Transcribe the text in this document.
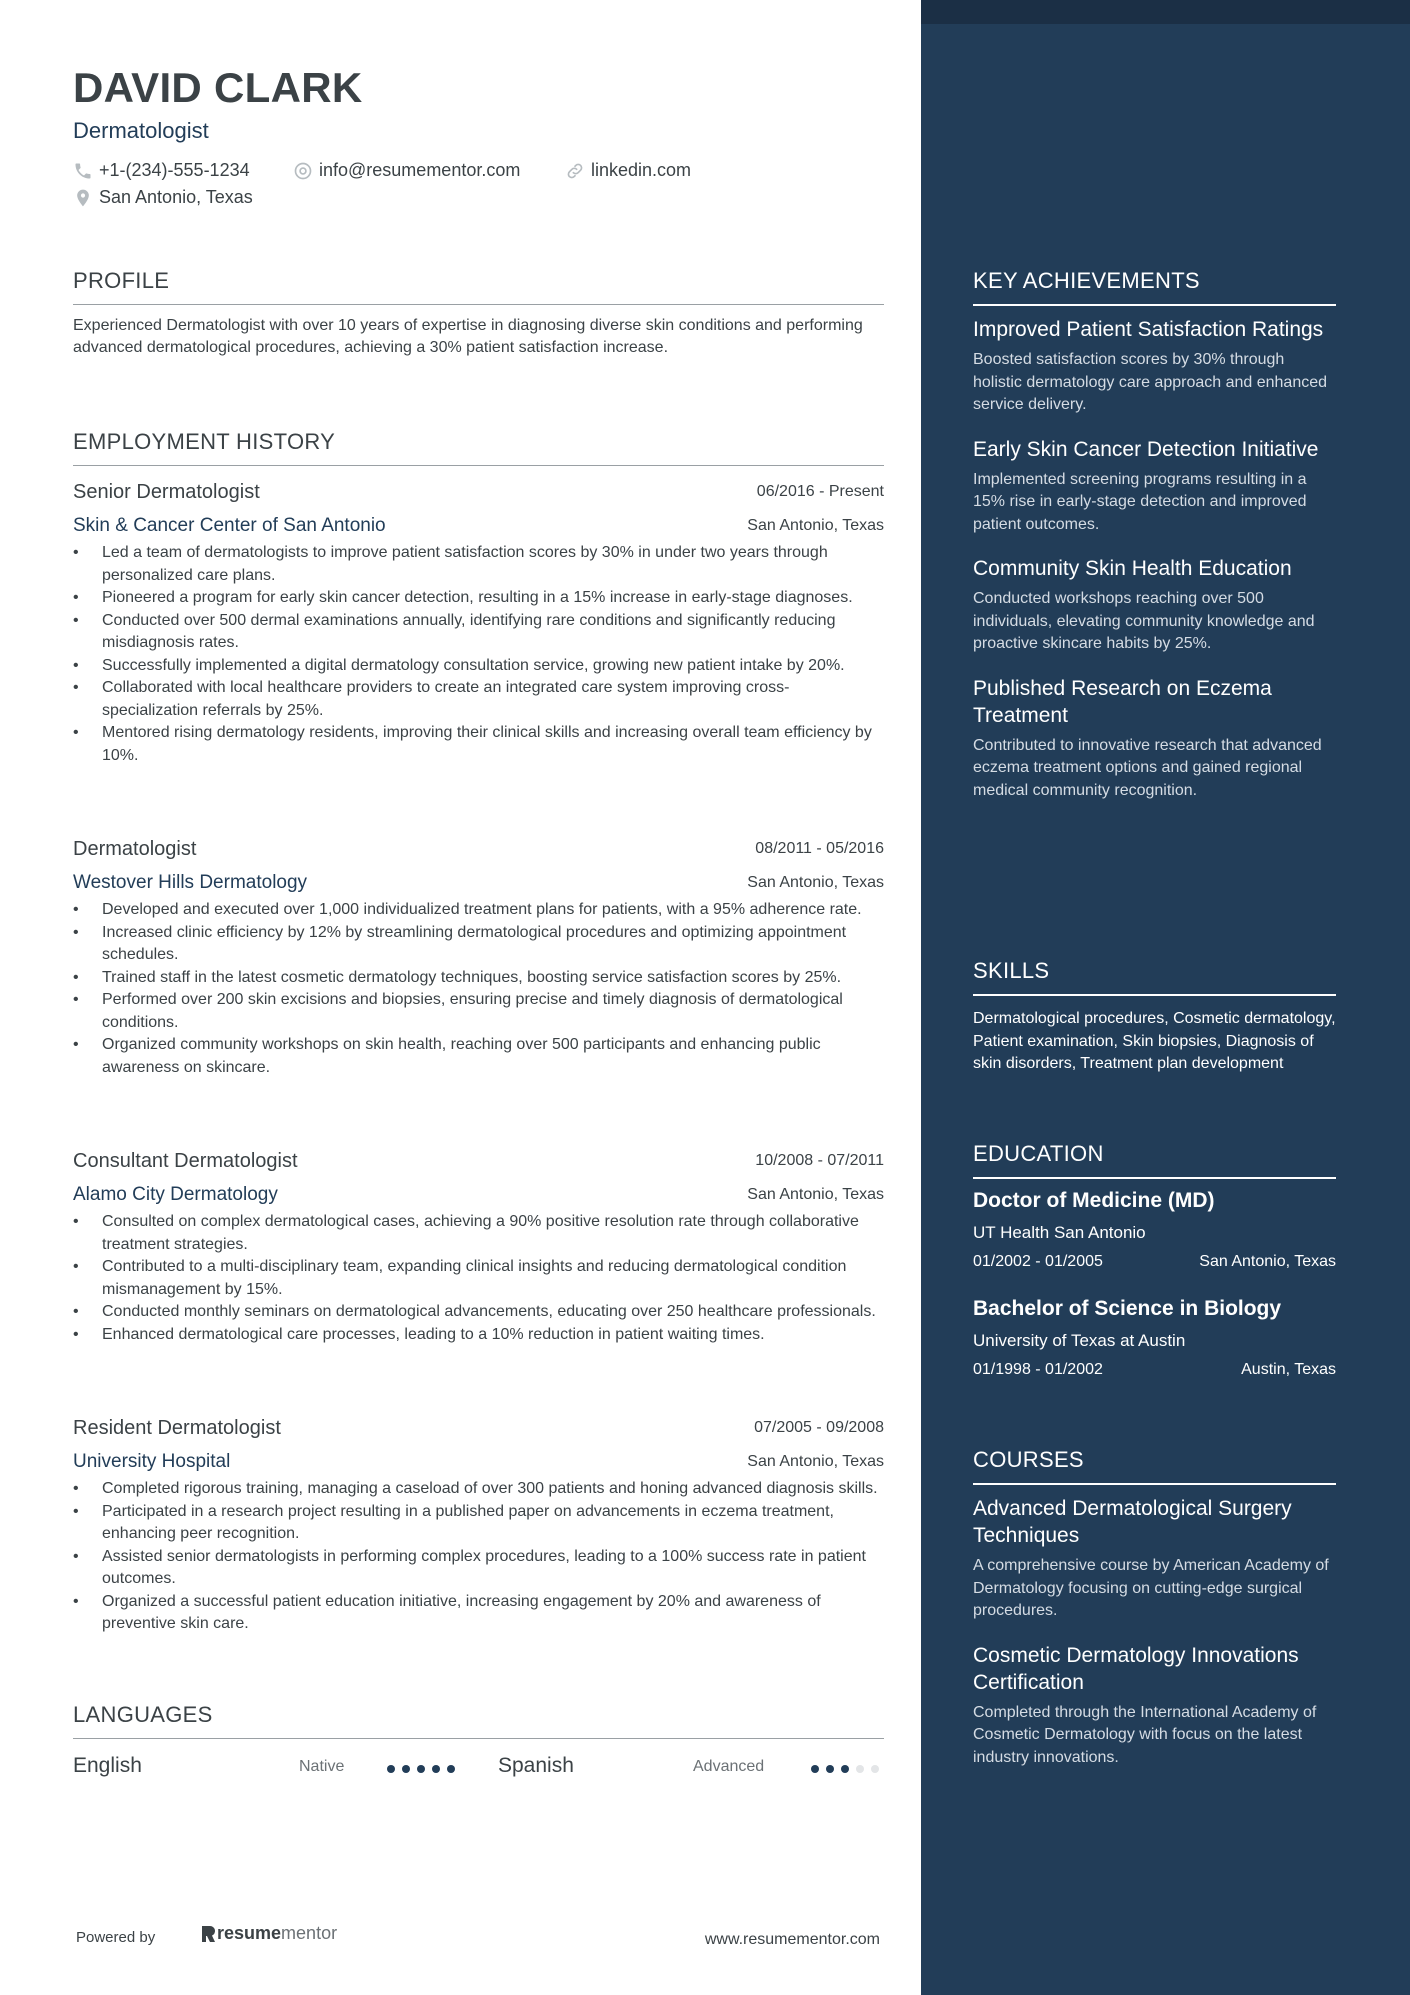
DAVID CLARK
Dermatologist
+1-(234)-555-1234	info@resumementor.com	linkedin.com
San Antonio, Texas
PROFILE
Experienced Dermatologist with over 10 years of expertise in diagnosing diverse skin conditions and performing advanced dermatological procedures, achieving a 30% patient satisfaction increase.
EMPLOYMENT HISTORY
Senior Dermatologist	06/2016 - Present
Skin & Cancer Center of San Antonio	San Antonio, Texas
• Led a team of dermatologists to improve patient satisfaction scores by 30% in under two years through personalized care plans.
• Pioneered a program for early skin cancer detection, resulting in a 15% increase in early-stage diagnoses.
• Conducted over 500 dermal examinations annually, identifying rare conditions and significantly reducing misdiagnosis rates.
• Successfully implemented a digital dermatology consultation service, growing new patient intake by 20%.
• Collaborated with local healthcare providers to create an integrated care system improving cross-specialization referrals by 25%.
• Mentored rising dermatology residents, improving their clinical skills and increasing overall team efficiency by 10%.
Dermatologist	08/2011 - 05/2016
Westover Hills Dermatology	San Antonio, Texas
• Developed and executed over 1,000 individualized treatment plans for patients, with a 95% adherence rate.
• Increased clinic efficiency by 12% by streamlining dermatological procedures and optimizing appointment schedules.
• Trained staff in the latest cosmetic dermatology techniques, boosting service satisfaction scores by 25%.
• Performed over 200 skin excisions and biopsies, ensuring precise and timely diagnosis of dermatological conditions.
• Organized community workshops on skin health, reaching over 500 participants and enhancing public awareness on skincare.
Consultant Dermatologist	10/2008 - 07/2011
Alamo City Dermatology	San Antonio, Texas
• Consulted on complex dermatological cases, achieving a 90% positive resolution rate through collaborative treatment strategies.
• Contributed to a multi-disciplinary team, expanding clinical insights and reducing dermatological condition mismanagement by 15%.
• Conducted monthly seminars on dermatological advancements, educating over 250 healthcare professionals.
• Enhanced dermatological care processes, leading to a 10% reduction in patient waiting times.
Resident Dermatologist	07/2005 - 09/2008
University Hospital	San Antonio, Texas
• Completed rigorous training, managing a caseload of over 300 patients and honing advanced diagnosis skills.
• Participated in a research project resulting in a published paper on advancements in eczema treatment, enhancing peer recognition.
• Assisted senior dermatologists in performing complex procedures, leading to a 100% success rate in patient outcomes.
• Organized a successful patient education initiative, increasing engagement by 20% and awareness of preventive skin care.
LANGUAGES
English	Native	Spanish	Advanced
Powered by	resume mentor	www.resumementor.com
KEY ACHIEVEMENTS
Improved Patient Satisfaction Ratings
Boosted satisfaction scores by 30% through holistic dermatology care approach and enhanced service delivery.
Early Skin Cancer Detection Initiative
Implemented screening programs resulting in a 15% rise in early-stage detection and improved patient outcomes.
Community Skin Health Education
Conducted workshops reaching over 500 individuals, elevating community knowledge and proactive skincare habits by 25%.
Published Research on Eczema Treatment
Contributed to innovative research that advanced eczema treatment options and gained regional medical community recognition.
SKILLS
Dermatological procedures, Cosmetic dermatology, Patient examination, Skin biopsies, Diagnosis of skin disorders, Treatment plan development
EDUCATION
Doctor of Medicine (MD)
UT Health San Antonio
01/2002 - 01/2005	San Antonio, Texas
Bachelor of Science in Biology
University of Texas at Austin
01/1998 - 01/2002	Austin, Texas
COURSES
Advanced Dermatological Surgery Techniques
A comprehensive course by American Academy of Dermatology focusing on cutting-edge surgical procedures.
Cosmetic Dermatology Innovations Certification
Completed through the International Academy of Cosmetic Dermatology with focus on the latest industry innovations.
